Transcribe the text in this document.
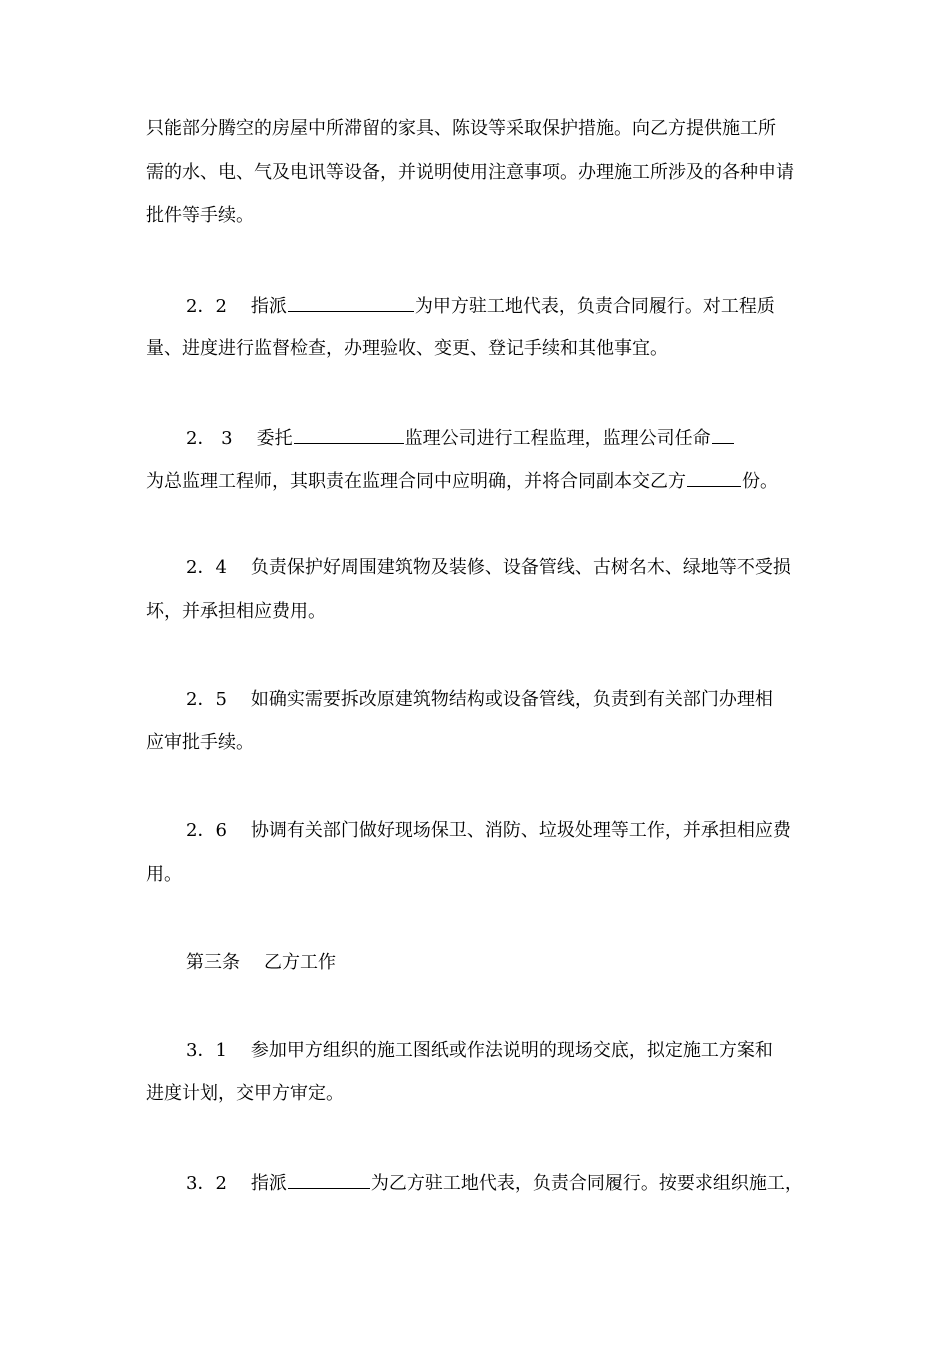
只能部分腾空的房屋中所滞留的家具、陈设等采取保护措施。向乙方提供施工所
需的水、电、气及电讯等设备，并说明使用注意事项。办理施工所涉及的各种申请
批件等手续。
2．2 指派	为甲方驻工地代表，负责合同履行。对工程质
量、进度进行监督检查，办理验收、变更、登记手续和其他事宜。
2． 3 委托	监理公司进行工程监理，监理公司任命
为总监理工程师，其职责在监理合同中应明确，并将合同副本交乙方	份。
2．4 负责保护好周围建筑物及装修、设备管线、古树名木、绿地等不受损
坏，并承担相应费用。
2．5 如确实需要拆改原建筑物结构或设备管线，负责到有关部门办理相
应审批手续。
2．6 协调有关部门做好现场保卫、消防、垃圾处理等工作，并承担相应费
用。
第三条 乙方工作
3．1 参加甲方组织的施工图纸或作法说明的现场交底，拟定施工方案和
进度计划，交甲方审定。
3．2 指派	为乙方驻工地代表，负责合同履行。按要求组织施工，
